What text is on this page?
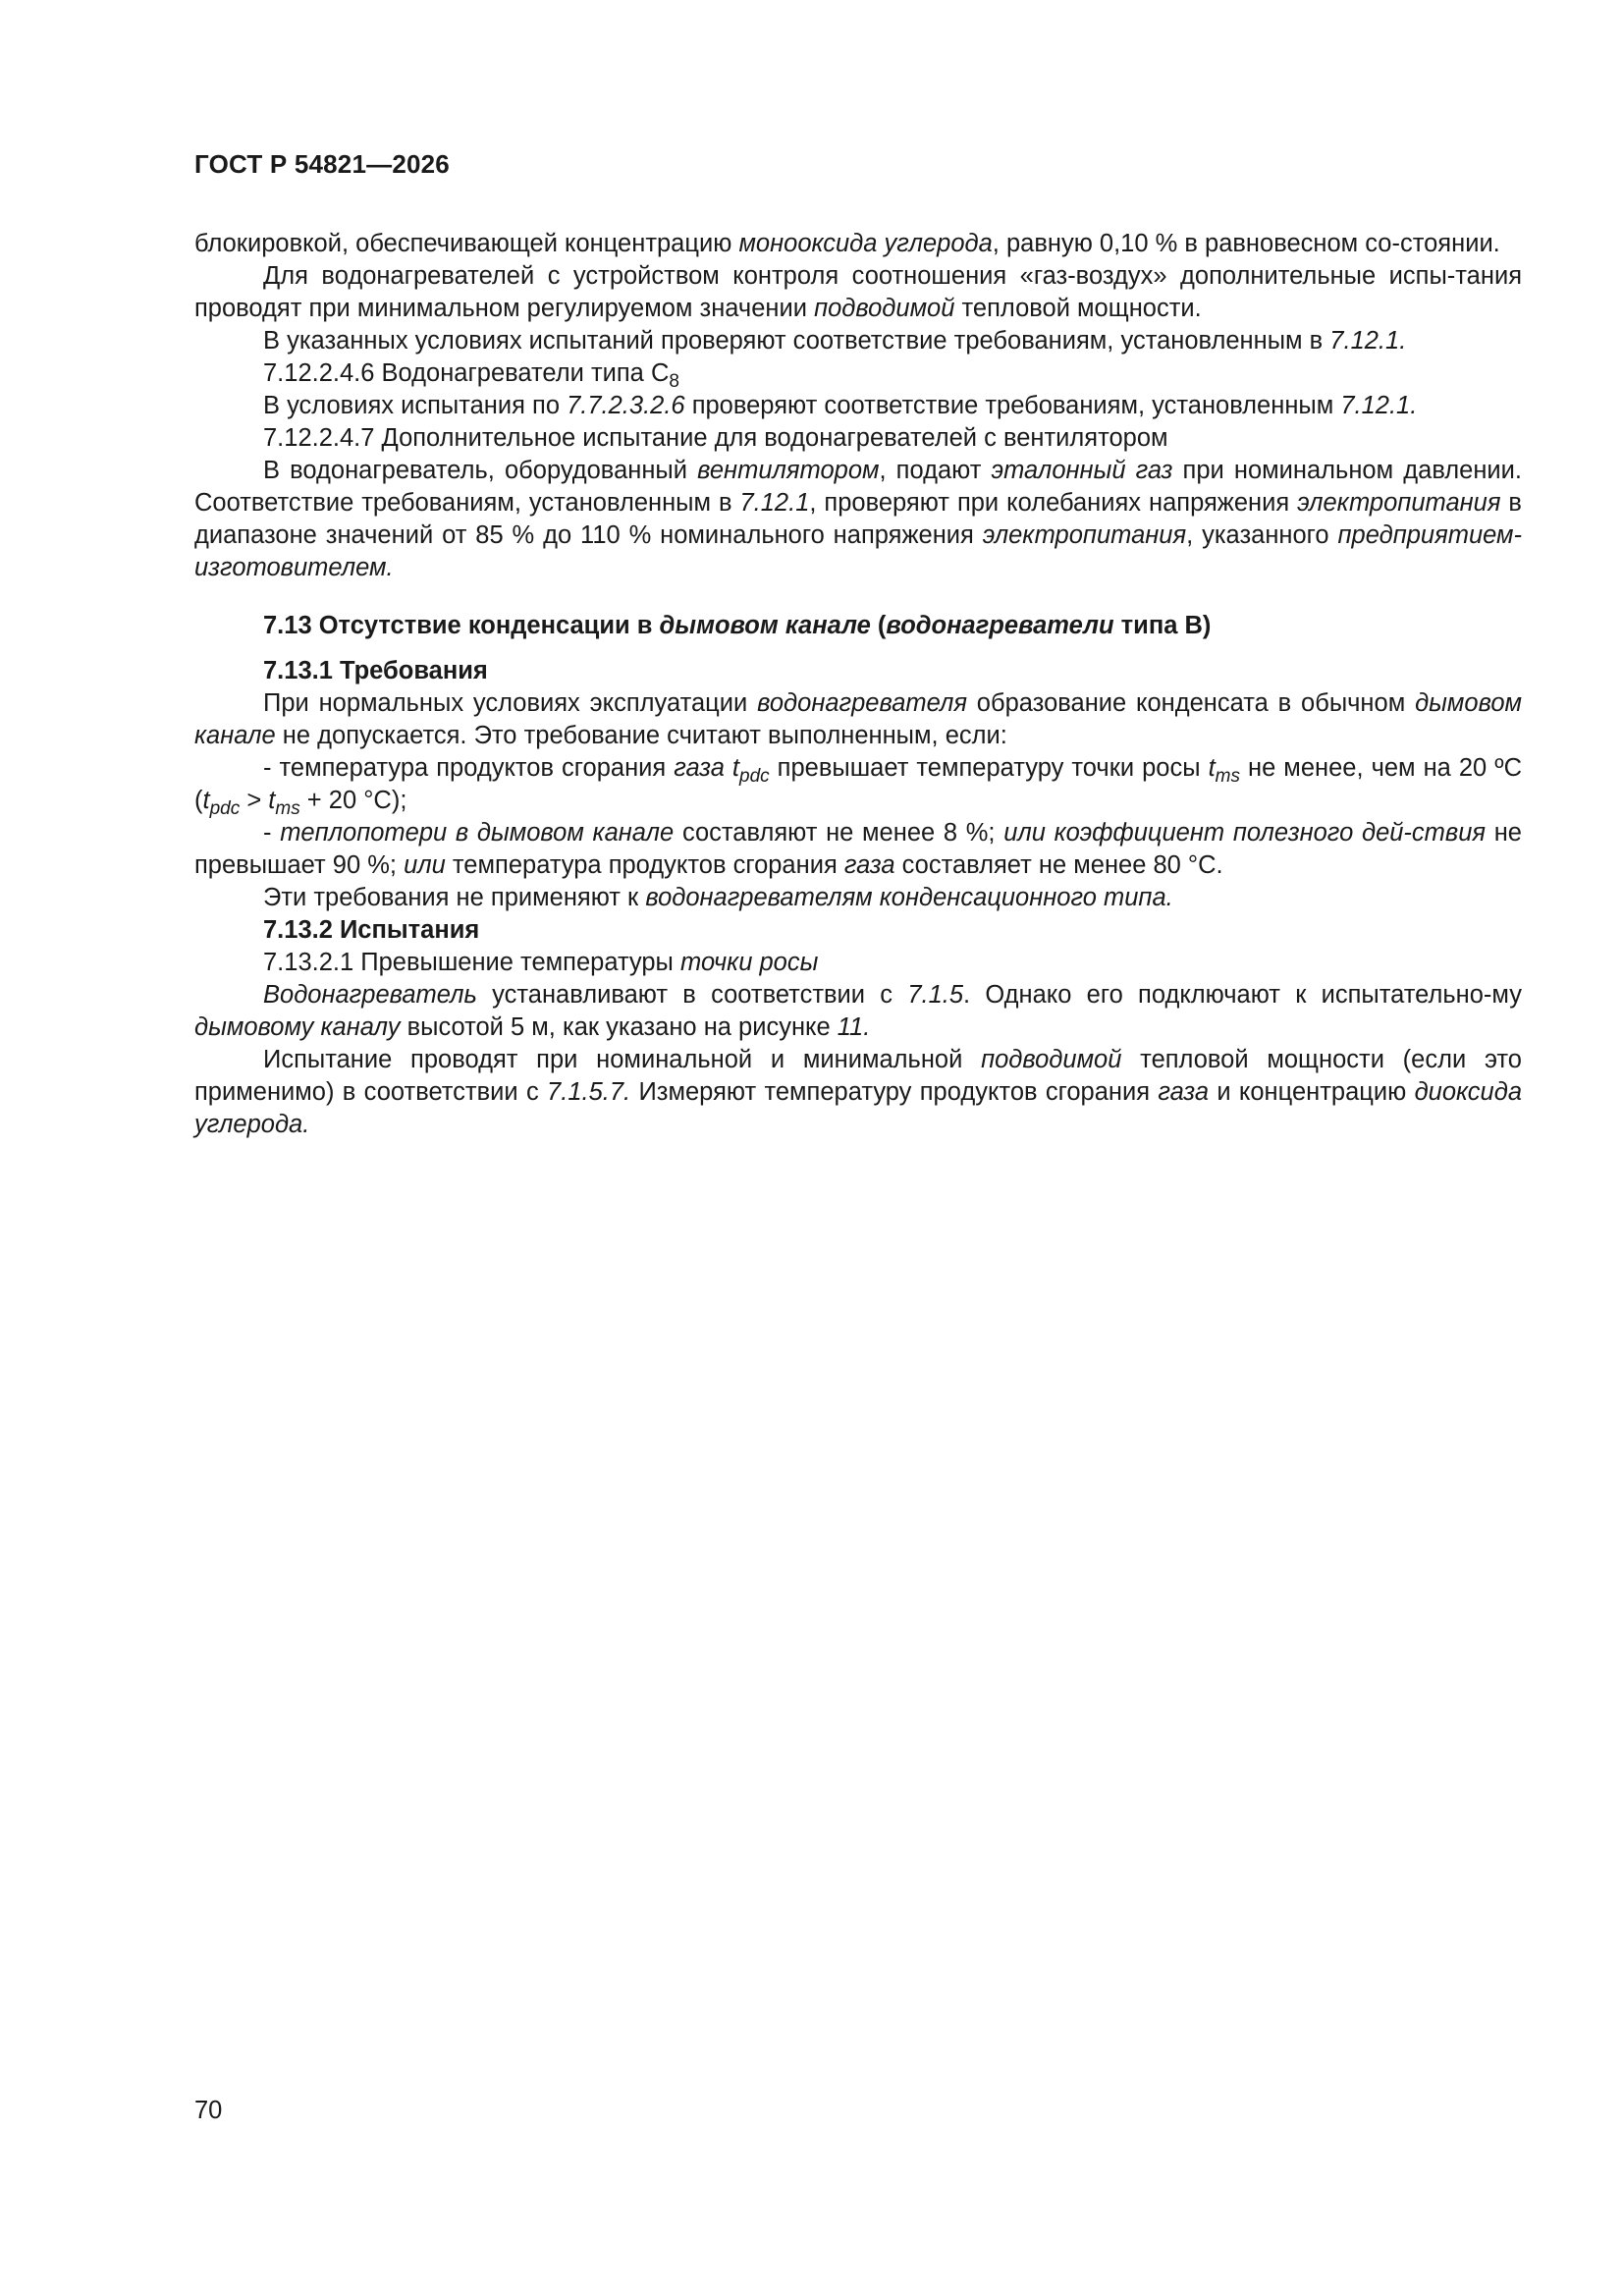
ГОСТ Р 54821—2026

блокировкой, обеспечивающей концентрацию монооксида углерода, равную 0,10 % в равновесном со-стоянии.

Для водонагревателей с устройством контроля соотношения «газ-воздух» дополнительные испы-тания проводят при минимальном регулируемом значении подводимой тепловой мощности.

В указанных условиях испытаний проверяют соответствие требованиям, установленным в 7.12.1.

7.12.2.4.6 Водонагреватели типа $С_8$

В условиях испытания по 7.7.2.3.2.6 проверяют соответствие требованиям, установленным 7.12.1.

7.12.2.4.7 Дополнительное испытание для водонагревателей с вентилятором

В водонагреватель, оборудованный вентилятором, подают эталонный газ при номинальном давлении. Соответствие требованиям, установленным в 7.12.1, проверяют при колебаниях напряжения электропитания в диапазоне значений от 85 % до 110 % номинального напряжения электропитания, указанного предприятием-изготовителем.

7.13 Отсутствие конденсации в дымовом канале (водонагреватели типа В)

7.13.1 Требования

При нормальных условиях эксплуатации водонагревателя образование конденсата в обычном дымовом канале не допускается. Это требование считают выполненным, если:

- температура продуктов сгорания газа $t_{pdc}$ превышает температуру точки росы $t_{ms}$ не менее, чем на 20 ºC ($t_{pdc} > t_{ms} + 20$ °C);

- теплопотери в дымовом канале составляют не менее 8 %; или коэффициент полезного дей-ствия не превышает 90 %; или температура продуктов сгорания газа составляет не менее 80 °C.

Эти требования не применяют к водонагревателям конденсационного типа.

7.13.2 Испытания

7.13.2.1 Превышение температуры точки росы

Водонагреватель устанавливают в соответствии с 7.1.5. Однако его подключают к испытательно-му дымовому каналу высотой 5 м, как указано на рисунке 11.

Испытание проводят при номинальной и минимальной подводимой тепловой мощности (если это применимо) в соответствии с 7.1.5.7. Измеряют температуру продуктов сгорания газа и концентрацию диоксида углерода.

70
